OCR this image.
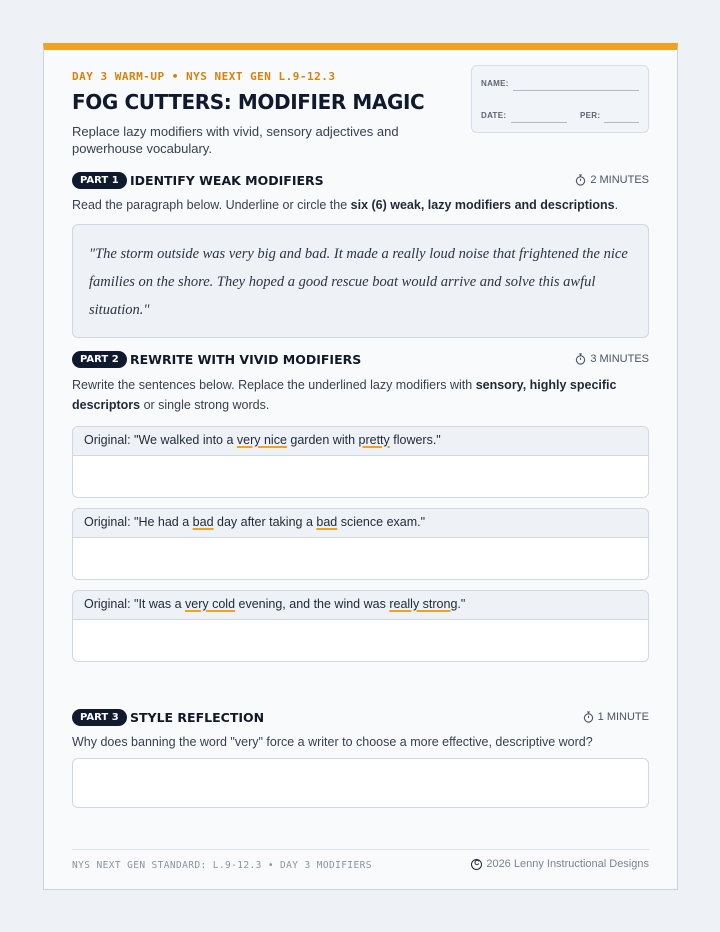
DAY 3 WARM-UP • NYS NEXT GEN L.9-12.3
FOG CUTTERS: MODIFIER MAGIC
Replace lazy modifiers with vivid, sensory adjectives and powerhouse vocabulary.
NAME:
DATE:	PER:
PART 1 IDENTIFY WEAK MODIFIERS	2 MINUTES
Read the paragraph below. Underline or circle the six (6) weak, lazy modifiers and descriptions.
"The storm outside was very big and bad. It made a really loud noise that frightened the nice families on the shore. They hoped a good rescue boat would arrive and solve this awful situation."
PART 2 REWRITE WITH VIVID MODIFIERS	3 MINUTES
Rewrite the sentences below. Replace the underlined lazy modifiers with sensory, highly specific descriptors or single strong words.
Original: "We walked into a very nice garden with pretty flowers."
Original: "He had a bad day after taking a bad science exam."
Original: "It was a very cold evening, and the wind was really strong."
PART 3 STYLE REFLECTION	1 MINUTE
Why does banning the word "very" force a writer to choose a more effective, descriptive word?
NYS NEXT GEN STANDARD: L.9-12.3 • DAY 3 MODIFIERS	C 2026 Lenny Instructional Designs
